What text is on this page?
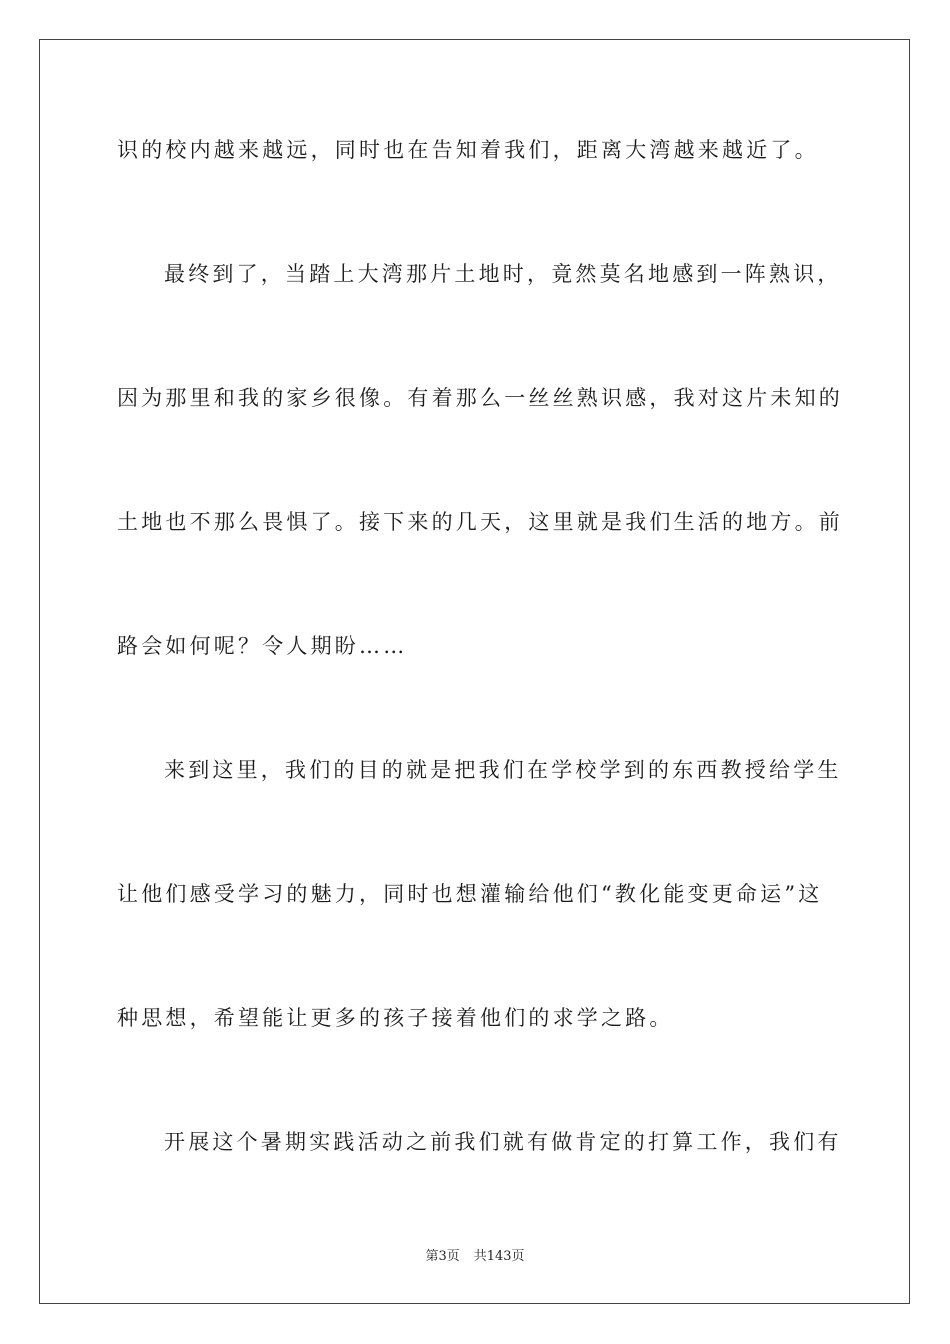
识的校内越来越远，同时也在告知着我们，距离大湾越来越近了。
最终到了，当踏上大湾那片土地时，竟然莫名地感到一阵熟识，
因为那里和我的家乡很像。有着那么一丝丝熟识感，我对这片未知的
土地也不那么畏惧了。接下来的几天，这里就是我们生活的地方。前
路会如何呢？令人期盼……
来到这里，我们的目的就是把我们在学校学到的东西教授给学生
让他们感受学习的魅力，同时也想灌输给他们“教化能变更命运”这
种思想，希望能让更多的孩子接着他们的求学之路。
开展这个暑期实践活动之前我们就有做肯定的打算工作，我们有
第3页 共143页
